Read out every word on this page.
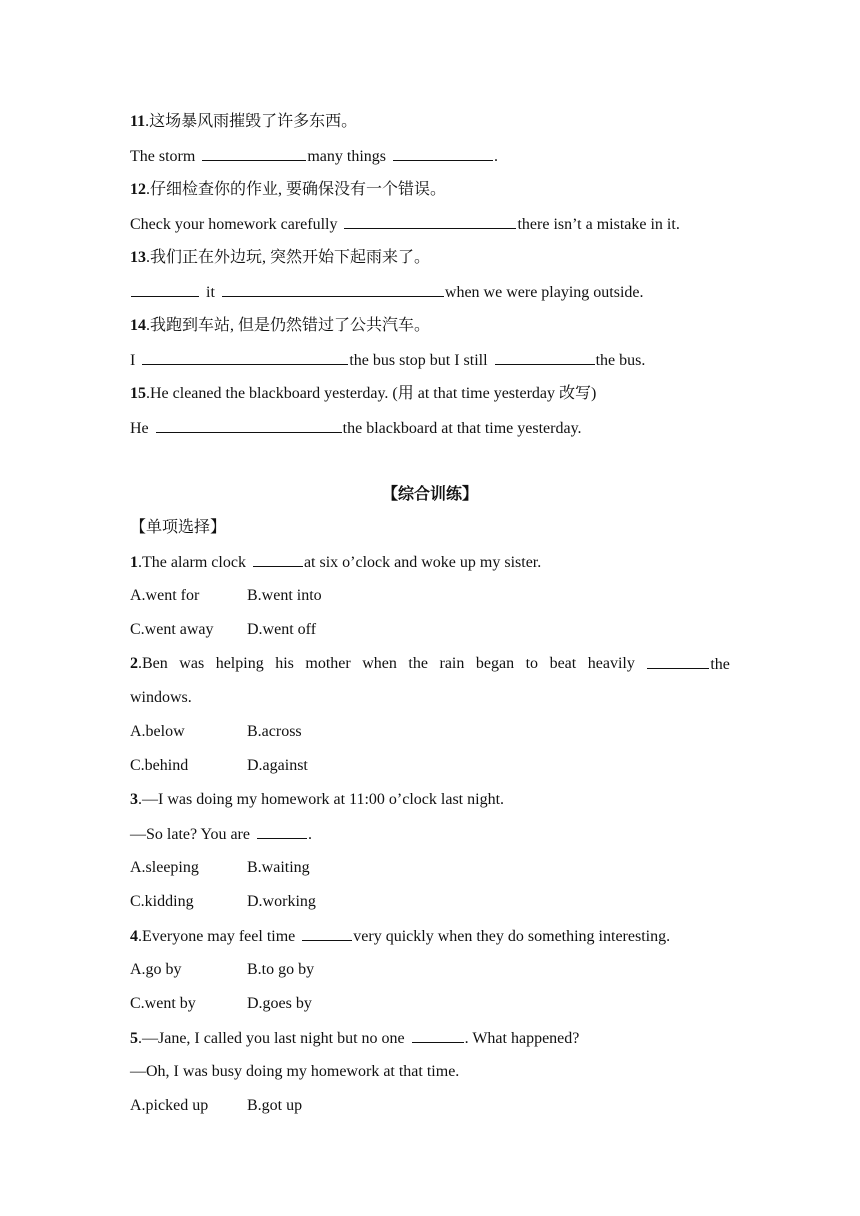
11.这场暴风雨摧毁了许多东西。
The storm	many things	.
12.仔细检查你的作业, 要确保没有一个错误。
Check your homework carefully	there isn’t a mistake in it.
13.我们正在外边玩, 突然开始下起雨来了。
it	when we were playing outside.
14.我跑到车站, 但是仍然错过了公共汽车。
I	the bus stop but I still	the bus.
15.He cleaned the blackboard yesterday. (用 at that time yesterday 改写)
He	the blackboard at that time yesterday.
【综合训练】
【单项选择】
1.The alarm clock	at six o’clock and woke up my sister.
A.went for	B.went into
C.went away D.went off
2.Ben was helping his mother when the rain began to beat heavily	the
windows.
A.below	B.across
C.behind	D.against
3.—I was doing my homework at 11:00 o’clock last night.
—So late? You are	.
A.sleeping	B.waiting
C.kidding	D.working
4.Everyone may feel time	very quickly when they do something interesting.
A.go by	B.to go by
C.went by	D.goes by
5.—Jane, I called you last night but no one	. What happened?
—Oh, I was busy doing my homework at that time.
A.picked up B.got up
